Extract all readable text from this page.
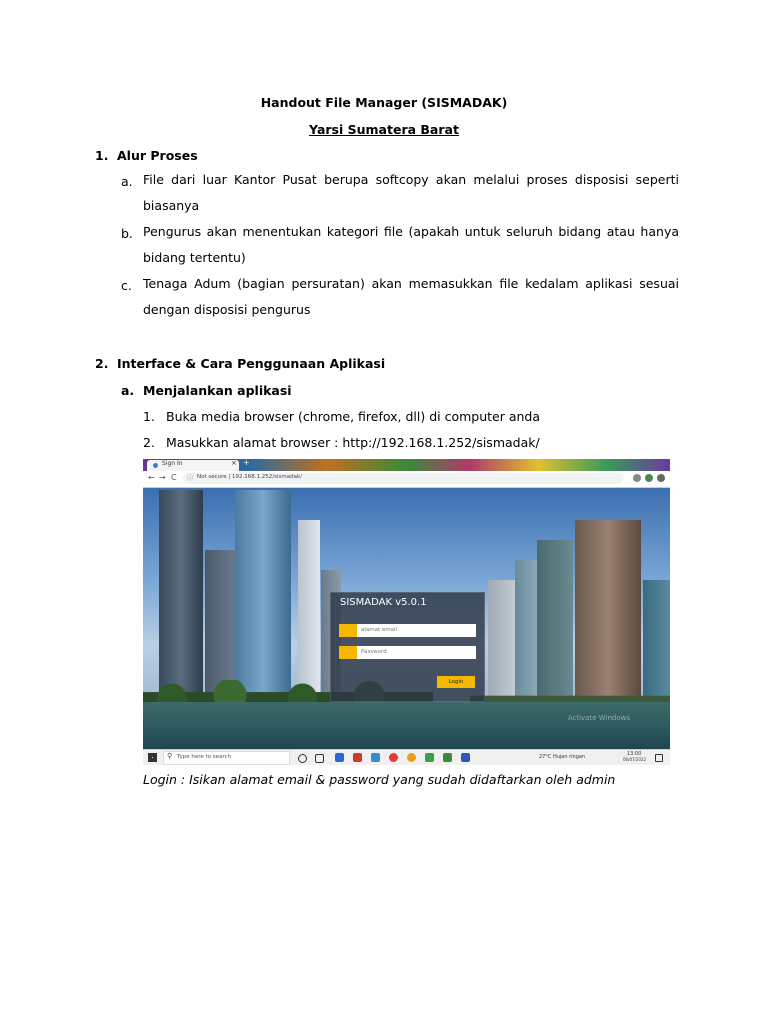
Handout File Manager (SISMADAK)
Yarsi Sumatera Barat
1. Alur Proses
a. File dari luar Kantor Pusat berupa softcopy akan melalui proses disposisi seperti biasanya
b. Pengurus akan menentukan kategori file (apakah untuk seluruh bidang atau hanya bidang tertentu)
c. Tenaga Adum (bagian persuratan) akan memasukkan file kedalam aplikasi sesuai dengan disposisi pengurus
2. Interface & Cara Penggunaan Aplikasi
a. Menjalankan aplikasi
1. Buka media browser (chrome, firefox, dll) di computer anda
2. Masukkan alamat browser : http://192.168.1.252/sismadak/
Sign In	× +
← → C ⓘ Not secure | 192.168.1.252/sismadak/
Activate Windows
SISMADAK v5.0.1
alamat email
Login
⚲ Type here to search	27°C Hujan ringan	13:00
06/07/2022
Login : Isikan alamat email & password yang sudah didaftarkan oleh admin
